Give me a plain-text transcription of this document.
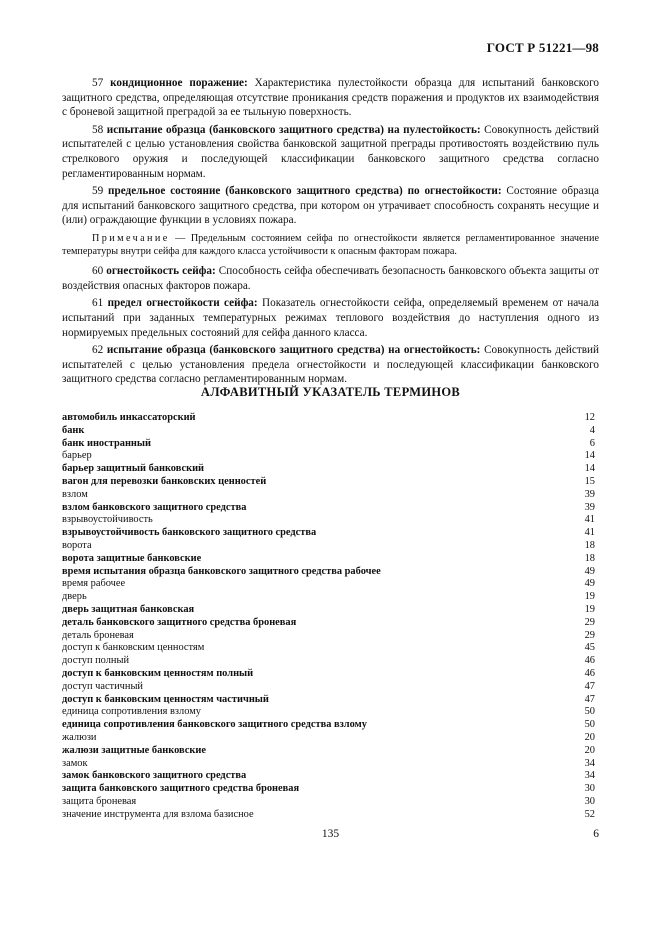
ГОСТ Р 51221—98

57 кондиционное поражение: Характеристика пулестойкости образца для испытаний банковского защитного средства, определяющая отсутствие проникания средств поражения и продуктов их взаимодействия с броневой защитной преградой за ее тыльную поверхность.

58 испытание образца (банковского защитного средства) на пулестойкость: Совокупность действий испытателей с целью установления свойства банковской защитной преграды противостоять воздействию пуль стрелкового оружия и последующей классификации банковского защитного средства согласно регламентированным нормам.

59 предельное состояние (банковского защитного средства) по огнестойкости: Состояние образца для испытаний банковского защитного средства, при котором он утрачивает способность сохранять несущие и (или) ограждающие функции в условиях пожара.

Примечание — Предельным состоянием сейфа по огнестойкости является регламентированное значение температуры внутри сейфа для каждого класса устойчивости к опасным факторам пожара.

60 огнестойкость сейфа: Способность сейфа обеспечивать безопасность банковского объекта защиты от воздействия опасных факторов пожара.

61 предел огнестойкости сейфа: Показатель огнестойкости сейфа, определяемый временем от начала испытаний при заданных температурных режимах теплового воздействия до наступления одного из нормируемых предельных состояний для сейфа данного класса.

62 испытание образца (банковского защитного средства) на огнестойкость: Совокупность действий испытателей с целью установления предела огнестойкости и последующей классификации банковского защитного средства согласно регламентированным нормам.

АЛФАВИТНЫЙ УКАЗАТЕЛЬ ТЕРМИНОВ
автомобиль инкассаторский	12
банк	4
банк иностранный	6
барьер	14
барьер защитный банковский	14
вагон для перевозки банковских ценностей	15
взлом	39
взлом банковского защитного средства	39
взрывоустойчивость	41
взрывоустойчивость банковского защитного средства	41
ворота	18
ворота защитные банковские	18
время испытания образца банковского защитного средства рабочее	49
время рабочее	49
дверь	19
дверь защитная банковская	19
деталь банковского защитного средства броневая	29
деталь броневая	29
доступ к банковским ценностям	45
доступ полный	46
доступ к банковским ценностям полный	46
доступ частичный	47
доступ к банковским ценностям частичный	47
единица сопротивления взлому	50
единица сопротивления банковского защитного средства взлому	50
жалюзи	20
жалюзи защитные банковские	20
замок	34
замок банковского защитного средства	34
защита банковского защитного средства броневая	30
защита броневая	30
значение инструмента для взлома базисное	52
135	6
